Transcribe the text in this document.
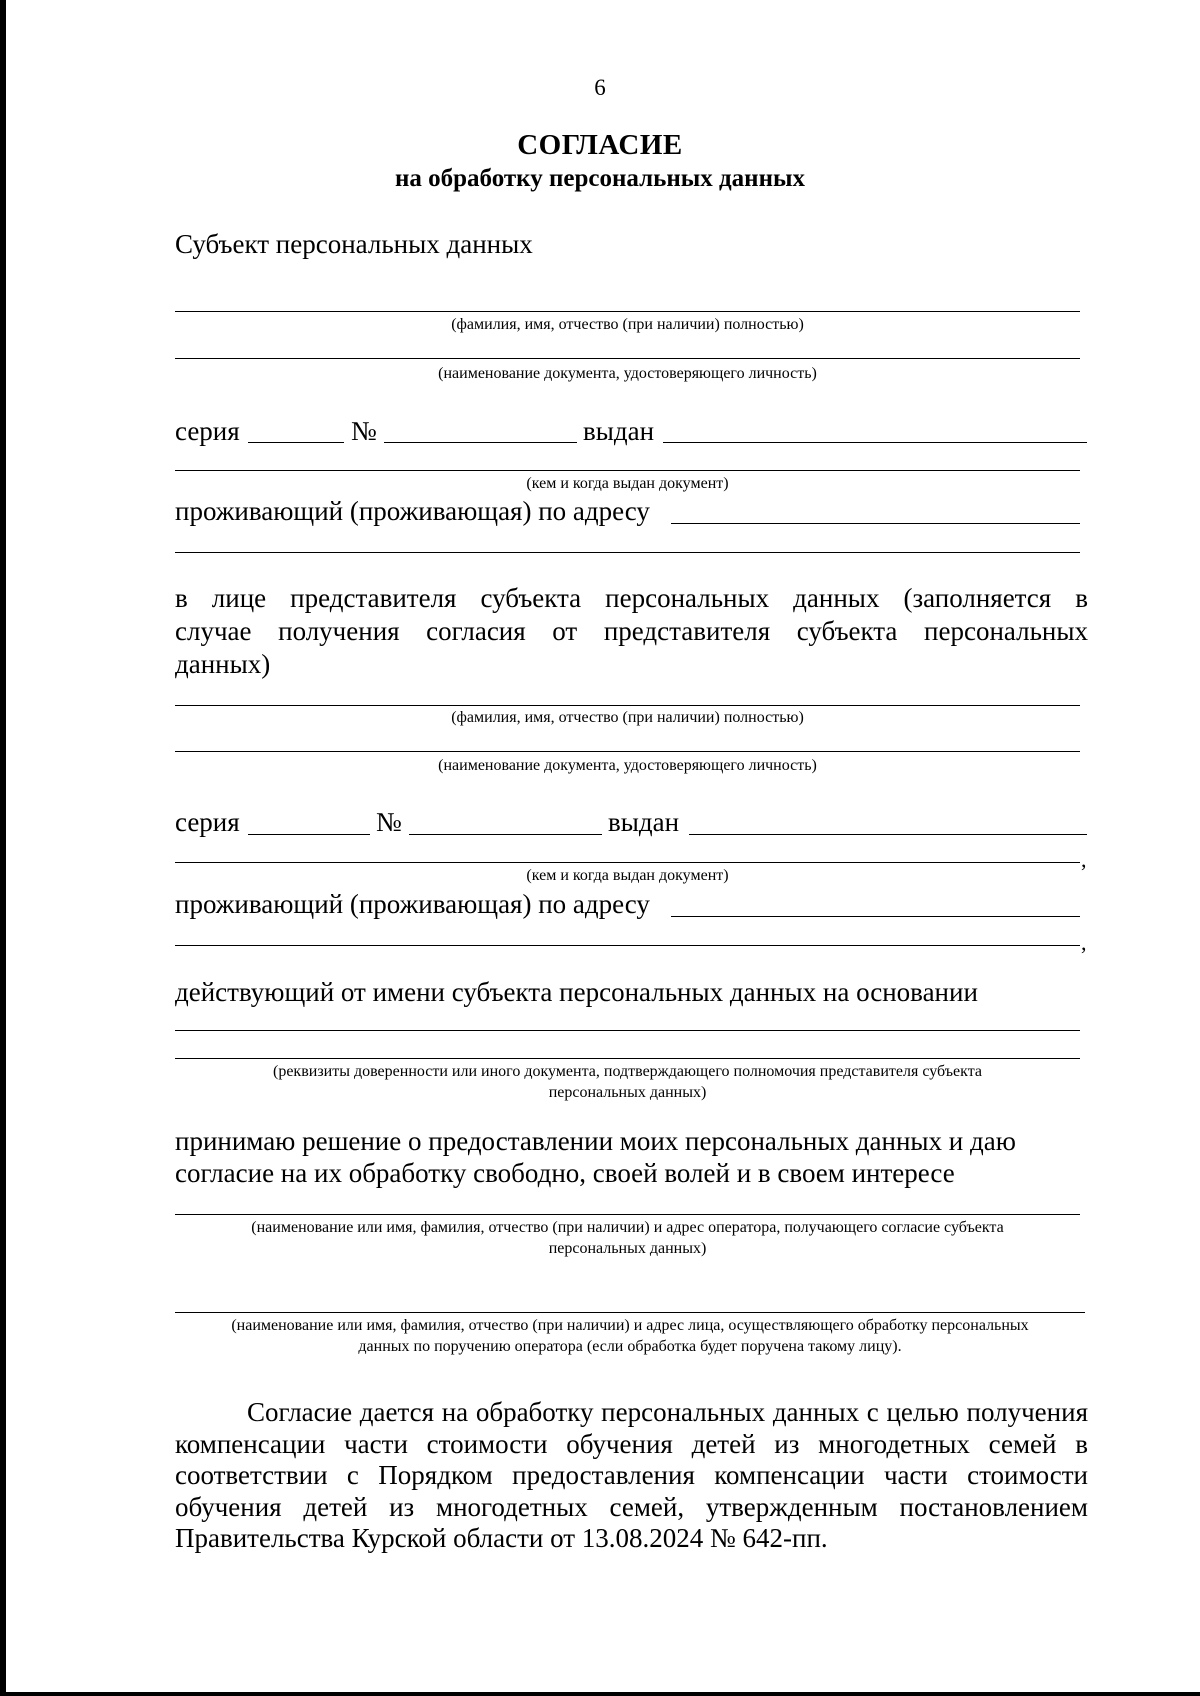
6
СОГЛАСИЕ
на обработку персональных данных
Субъект персональных данных
(фамилия, имя, отчество (при наличии) полностью)
(наименование документа, удостоверяющего личность)
серия	№	выдан
(кем и когда выдан документ)
проживающий (проживающая) по адресу
в лице представителя субъекта персональных данных (заполняется в
случае получения согласия от представителя субъекта персональных
данных)
(фамилия, имя, отчество (при наличии) полностью)
(наименование документа, удостоверяющего личность)
серия	№	выдан
,
(кем и когда выдан документ)
проживающий (проживающая) по адресу
,
действующий от имени субъекта персональных данных на основании
(реквизиты доверенности или иного документа, подтверждающего полномочия представителя субъекта
персональных данных)
принимаю решение о предоставлении моих персональных данных и даю
согласие на их обработку свободно, своей волей и в своем интересе
(наименование или имя, фамилия, отчество (при наличии) и адрес оператора, получающего согласие субъекта
персональных данных)
(наименование или имя, фамилия, отчество (при наличии) и адрес лица, осуществляющего обработку персональных
данных по поручению оператора (если обработка будет поручена такому лицу).
Согласие дается на обработку персональных данных с целью получения компенсации части стоимости обучения детей из многодетных семей в соответствии с Порядком предоставления компенсации части стоимости обучения детей из многодетных семей, утвержденным постановлением Правительства Курской области от 13.08.2024 № 642-пп.
